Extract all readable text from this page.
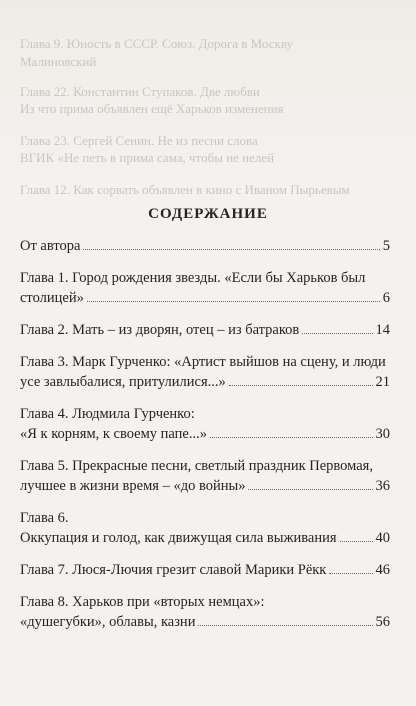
Глава 9. Юность в СССР. Союз. Дорога в Москву
Малиновский
Глава 22. Константин Ступаков. Две любви
Из что прима объявлен ещё Харьков изменения
Глава 23. Сергей Сенин. Не из песни слова
ВГИК «Не петь в прима сама, чтобы не нелей
Глава 12. Как сорвать объявлен в кино с Иваном Пырьевым
СОДЕРЖАНИЕ
От автора	5
Глава 1. Город рождения звезды. «Если бы Харьков был
столицей»	6
Глава 2. Мать – из дворян, отец – из батраков	14
Глава 3. Марк Гурченко: «Артист выйшов на сцену, и люди
усе завлыбалися, притулилися...»	21
Глава 4. Людмила Гурченко:
«Я к корням, к своему папе...»	30
Глава 5. Прекрасные песни, светлый праздник Первомая,
лучшее в жизни время – «до войны»	36
Глава 6.
Оккупация и голод, как движущая сила выживания	40
Глава 7. Люся-Лючия грезит славой Марики Рёкк	46
Глава 8. Харьков при «вторых немцах»:
«душегубки», облавы, казни	56
